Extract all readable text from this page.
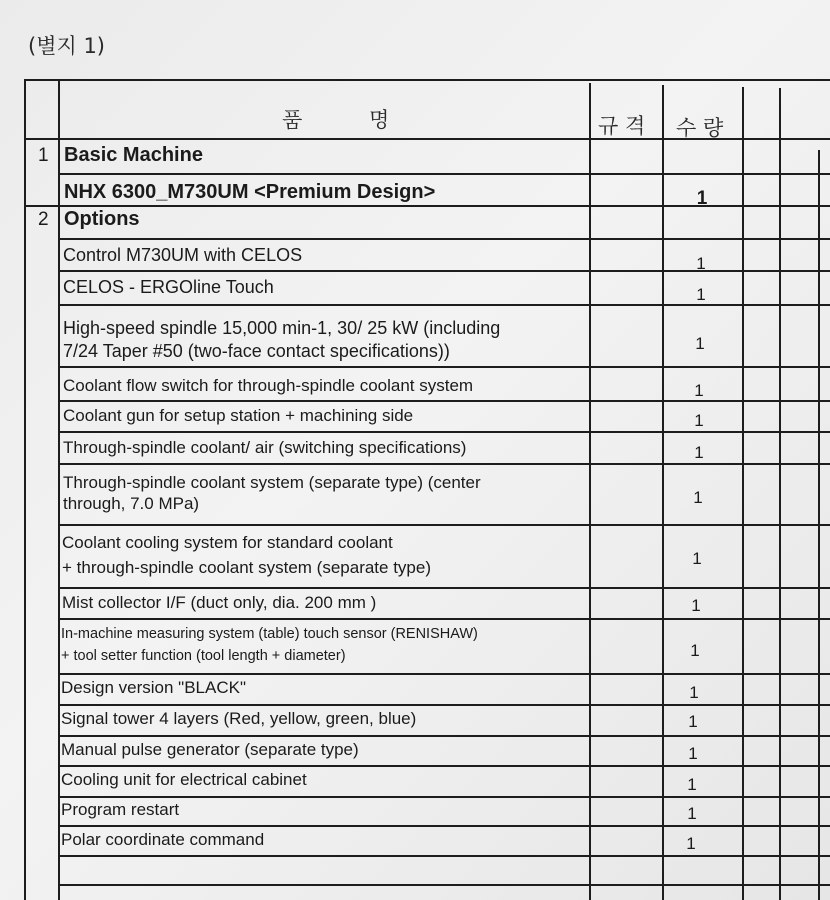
(별지 1)
품          명	규 격 수 량
1 Basic Machine
NHX 6300_M730UM <Premium Design>	1
2 Options
Control M730UM with CELOS	1
CELOS - ERGOline Touch	1
High-speed spindle 15,000 min-1, 30/ 25 kW (including
7/24 Taper #50 (two-face contact specifications))	1
Coolant flow switch for through-spindle coolant system	1
Coolant gun for setup station + machining side	1
Through-spindle coolant/ air (switching specifications)	1
Through-spindle coolant system (separate type) (center
through, 7.0 MPa)	1
Coolant cooling system for standard coolant
+ through-spindle coolant system (separate type)	1
Mist collector I/F (duct only, dia. 200 mm )	1
In-machine measuring system (table) touch sensor (RENISHAW)
+ tool setter function (tool length + diameter)	1
Design version "BLACK"	1
Signal tower 4 layers (Red, yellow, green, blue)	1
Manual pulse generator (separate type)	1
Cooling unit for electrical cabinet	1
Program restart	1
Polar coordinate command	1
